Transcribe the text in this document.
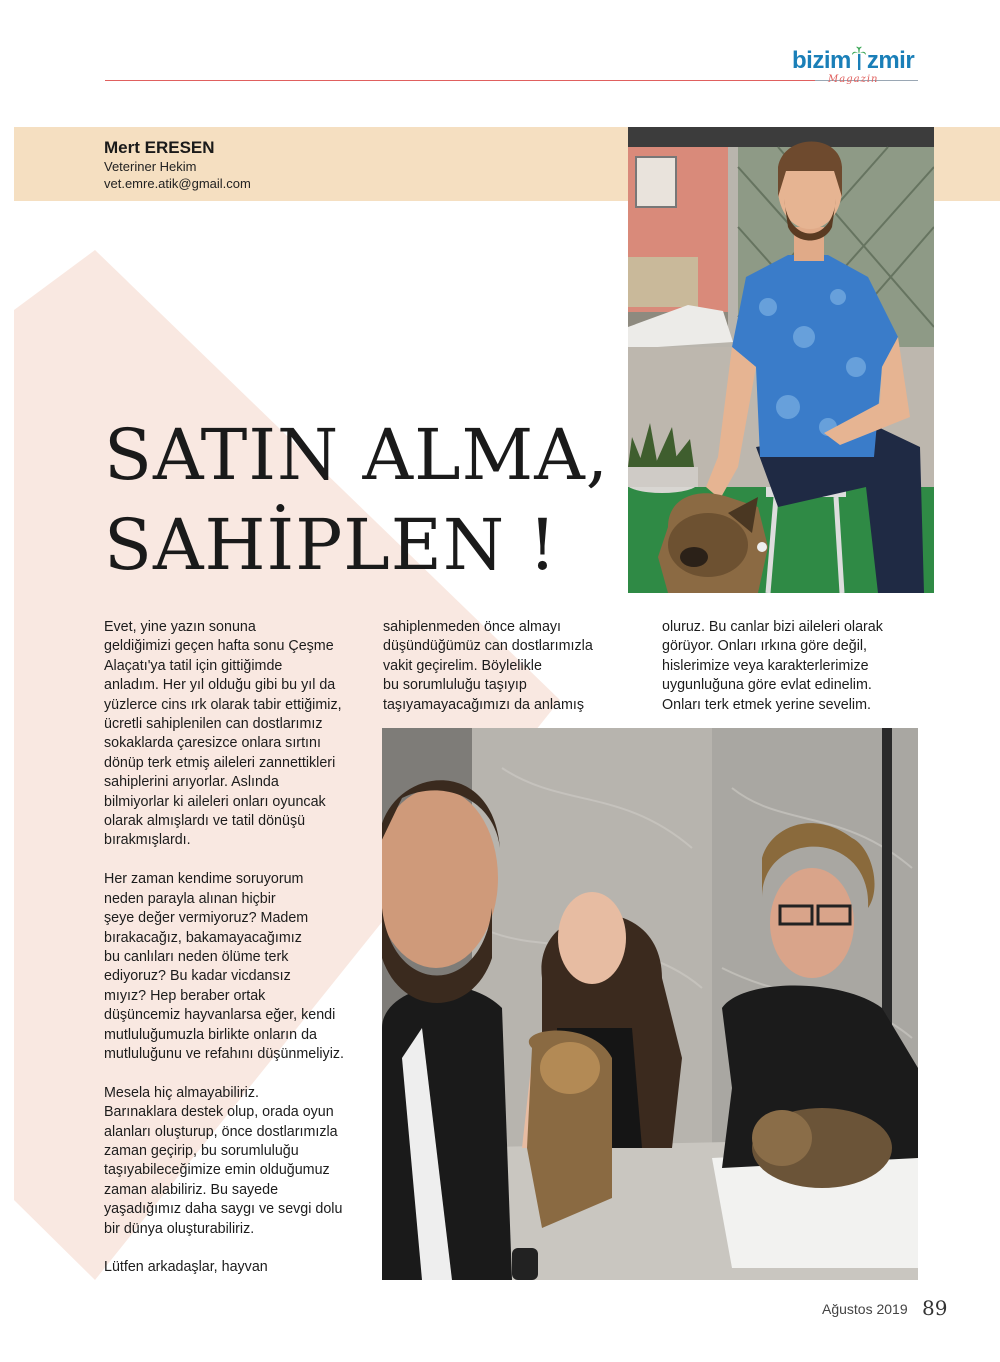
bizim zmir
Magazin
Mert ERESEN
Veteriner Hekim
vet.emre.atik@gmail.com
SATIN ALMA,
SAHİPLEN !
Evet, yine yazın sonuna
geldiğimizi geçen hafta sonu Çeşme
Alaçatı'ya tatil için gittiğimde
anladım. Her yıl olduğu gibi bu yıl da
yüzlerce cins ırk olarak tabir ettiğimiz,
ücretli sahiplenilen can dostlarımız
sokaklarda çaresizce onlara sırtını
dönüp terk etmiş aileleri zannettikleri
sahiplerini arıyorlar. Aslında
bilmiyorlar ki aileleri onları oyuncak
olarak almışlardı ve tatil dönüşü
bırakmışlardı.

Her zaman kendime soruyorum
neden parayla alınan hiçbir
şeye değer vermiyoruz? Madem
bırakacağız, bakamayacağımız
bu canlıları neden ölüme terk
ediyoruz? Bu kadar vicdansız
mıyız? Hep beraber ortak
düşüncemiz hayvanlarsa eğer, kendi
mutluluğumuzla birlikte onların da
mutluluğunu ve refahını düşünmeliyiz.

Mesela hiç almayabiliriz.
Barınaklara destek olup, orada oyun
alanları oluşturup, önce dostlarımızla
zaman geçirip, bu sorumluluğu
taşıyabileceğimize emin olduğumuz
zaman alabiliriz. Bu sayede
yaşadığımız daha saygı ve sevgi dolu
bir dünya oluşturabiliriz.

Lütfen arkadaşlar, hayvan
sahiplenmeden önce almayı
düşündüğümüz can dostlarımızla
vakit geçirelim. Böylelikle
bu sorumluluğu taşıyıp
taşıyamayacağımızı da anlamış
oluruz. Bu canlar bizi aileleri olarak
görüyor. Onları ırkına göre değil,
hislerimize veya karakterlerimize
uygunluğuna göre evlat edinelim.
Onları terk etmek yerine sevelim.
Ağustos 2019 89
